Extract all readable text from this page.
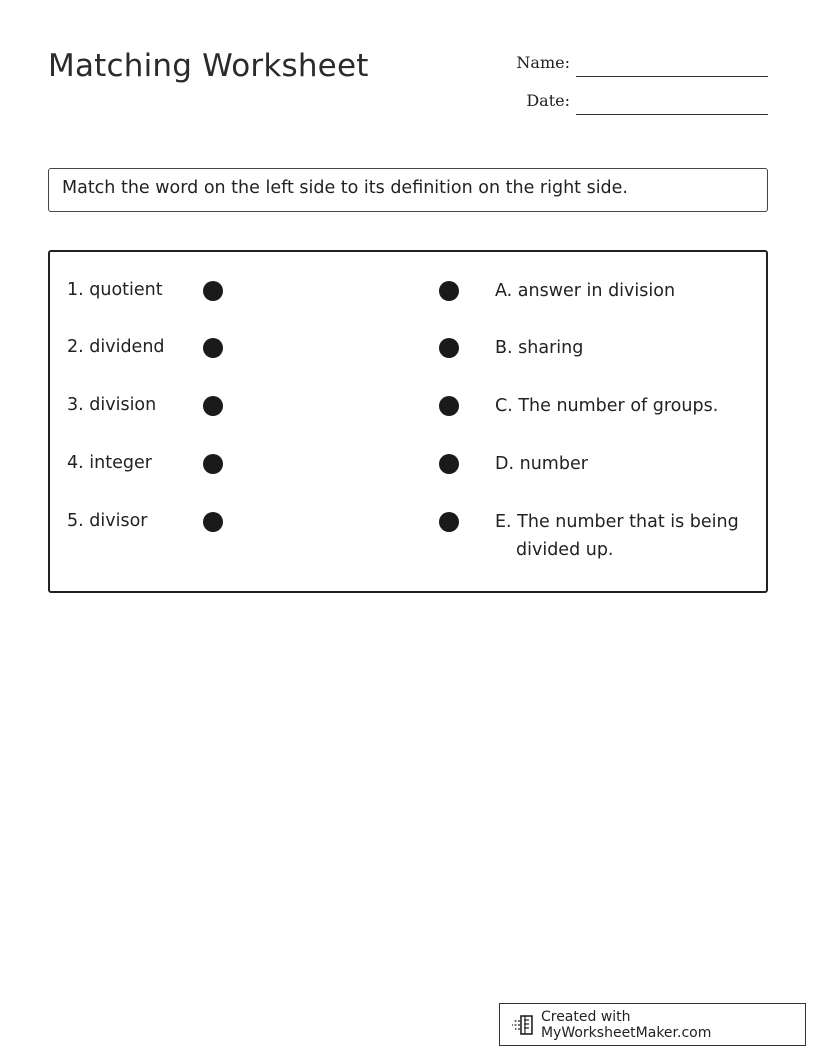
Matching Worksheet	Name:
Date:
Match the word on the left side to its definition on the right side.
1. quotient
2. dividend
3. division
4. integer
5. divisor
A. answer in division
B. sharing
C. The number of groups.
D. number
E. The number that is being divided up.
Created with MyWorksheetMaker.com
